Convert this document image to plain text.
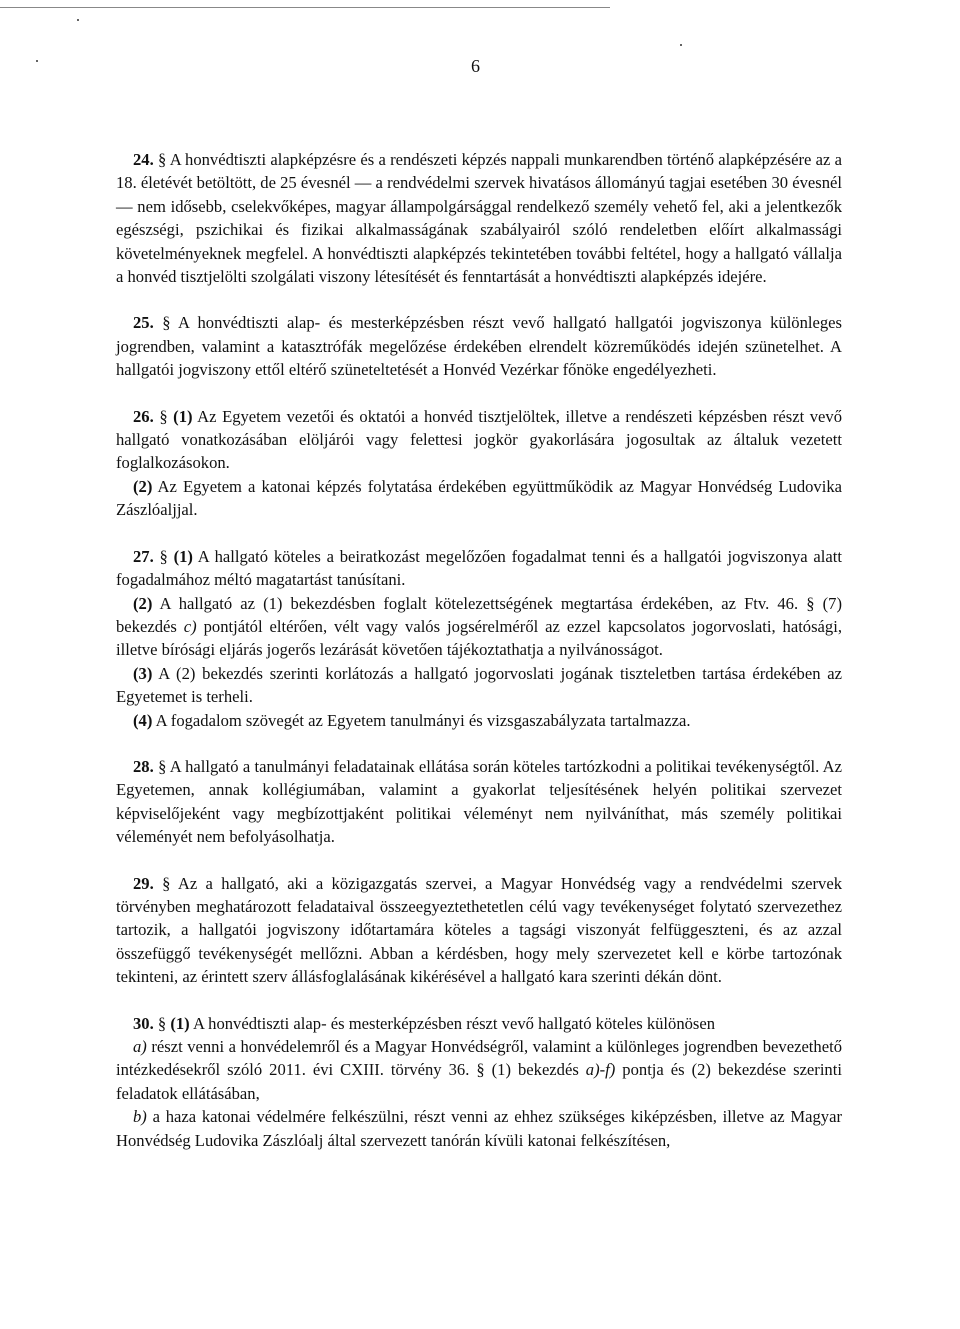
6

24. § A honvédtiszti alapképzésre és a rendészeti képzés nappali munkarendben történő alapképzésére az a 18. életévét betöltött, de 25 évesnél — a rendvédelmi szervek hivatásos állományú tagjai esetében 30 évesnél — nem idősebb, cselekvőképes, magyar állampolgársággal rendelkező személy vehető fel, aki a jelentkezők egészségi, pszichikai és fizikai alkalmasságának szabályairól szóló rendeletben előírt alkalmassági követelményeknek megfelel. A honvédtiszti alapképzés tekintetében további feltétel, hogy a hallgató vállalja a honvéd tisztjelölti szolgálati viszony létesítését és fenntartását a honvédtiszti alapképzés idejére.

25. § A honvédtiszti alap- és mesterképzésben részt vevő hallgató hallgatói jogviszonya különleges jogrendben, valamint a katasztrófák megelőzése érdekében elrendelt közreműködés idején szünetelhet. A hallgatói jogviszony ettől eltérő szüneteltetését a Honvéd Vezérkar főnöke engedélyezheti.

26. § (1) Az Egyetem vezetői és oktatói a honvéd tisztjelöltek, illetve a rendészeti képzésben részt vevő hallgató vonatkozásában elöljárói vagy felettesi jogkör gyakorlására jogosultak az általuk vezetett foglalkozásokon.

(2) Az Egyetem a katonai képzés folytatása érdekében együttműködik az Magyar Honvédség Ludovika Zászlóaljjal.

27. § (1) A hallgató köteles a beiratkozást megelőzően fogadalmat tenni és a hallgatói jogviszonya alatt fogadalmához méltó magatartást tanúsítani.

(2) A hallgató az (1) bekezdésben foglalt kötelezettségének megtartása érdekében, az Ftv. 46. § (7) bekezdés c) pontjától eltérően, vélt vagy valós jogsérelméről az ezzel kapcsolatos jogorvoslati, hatósági, illetve bírósági eljárás jogerős lezárását követően tájékoztathatja a nyilvánosságot.

(3) A (2) bekezdés szerinti korlátozás a hallgató jogorvoslati jogának tiszteletben tartása érdekében az Egyetemet is terheli.

(4) A fogadalom szövegét az Egyetem tanulmányi és vizsgaszabályzata tartalmazza.

28. § A hallgató a tanulmányi feladatainak ellátása során köteles tartózkodni a politikai tevékenységtől. Az Egyetemen, annak kollégiumában, valamint a gyakorlat teljesítésének helyén politikai szervezet képviselőjeként vagy megbízottjaként politikai véleményt nem nyilváníthat, más személy politikai véleményét nem befolyásolhatja.

29. § Az a hallgató, aki a közigazgatás szervei, a Magyar Honvédség vagy a rendvédelmi szervek törvényben meghatározott feladataival összeegyeztethetetlen célú vagy tevékenységet folytató szervezethez tartozik, a hallgatói jogviszony időtartamára köteles a tagsági viszonyát felfüggeszteni, és az azzal összefüggő tevékenységét mellőzni. Abban a kérdésben, hogy mely szervezetet kell e körbe tartozónak tekinteni, az érintett szerv állásfoglalásának kikérésével a hallgató kara szerinti dékán dönt.

30. § (1) A honvédtiszti alap- és mesterképzésben részt vevő hallgató köteles különösen

a) részt venni a honvédelemről és a Magyar Honvédségről, valamint a különleges jogrendben bevezethető intézkedésekről szóló 2011. évi CXIII. törvény 36. § (1) bekezdés a)-f) pontja és (2) bekezdése szerinti feladatok ellátásában,

b) a haza katonai védelmére felkészülni, részt venni az ehhez szükséges kiképzésben, illetve az Magyar Honvédség Ludovika Zászlóalj által szervezett tanórán kívüli katonai felkészítésen,
